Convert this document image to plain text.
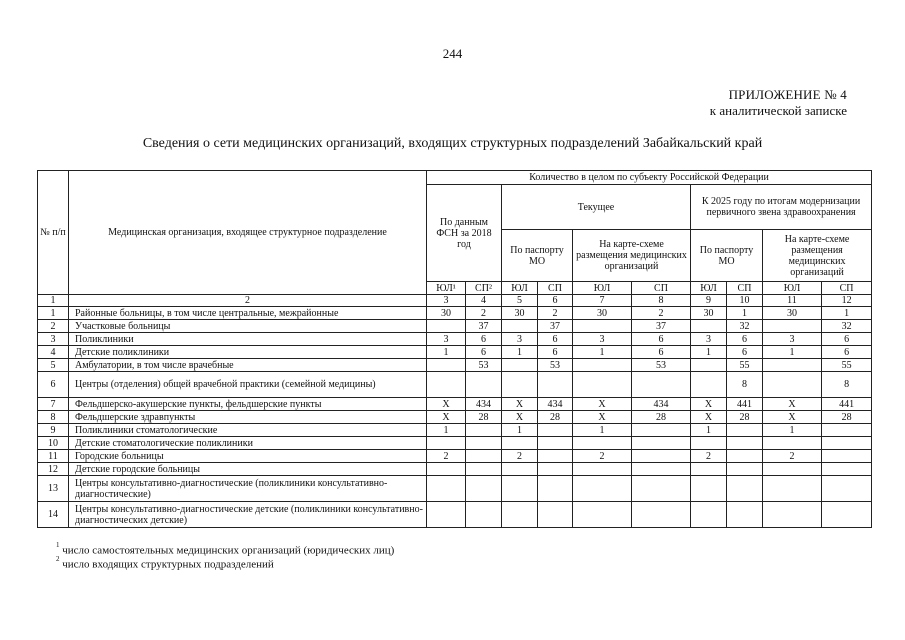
244
ПРИЛОЖЕНИЕ № 4
к аналитической записке
Сведения о сети медицинских организаций, входящих структурных подразделений Забайкальский край
№ п/п	Медицинская организация, входящее структурное подразделение	Количество в целом по субъекту Российской Федерации									
		По данным ФСН за 2018 год		Текущее				К 2025 году по итогам модернизации первичного звена здравоохранения			
				По паспорту МО		На карте-схеме размещения медицинских организаций		По паспорту МО		На карте-схеме размещения медицинских организаций	
		ЮЛ¹	СП²	ЮЛ	СП	ЮЛ	СП	ЮЛ	СП	ЮЛ	СП
1	2	3	4	5	6	7	8	9	10	11	12
1	Районные больницы, в том числе центральные, межрайонные	30	2	30	2	30	2	30	1	30	1
2	Участковые больницы		37		37		37		32		32
3	Поликлиники	3	6	3	6	3	6	3	6	3	6
4	Детские поликлиники	1	6	1	6	1	6	1	6	1	6
5	Амбулатории, в том числе врачебные		53		53		53		55		55
6	Центры (отделения) общей врачебной практики (семейной медицины)								8		8
7	Фельдшерско-акушерские пункты, фельдшерские пункты	X	434	X	434	X	434	X	441	X	441
8	Фельдшерские здравпункты	X	28	X	28	X	28	X	28	X	28
9	Поликлиники стоматологические	1		1		1		1		1	
10	Детские стоматологические поликлиники										
11	Городские больницы	2		2		2		2		2	
12	Детские городские больницы										
13	Центры консультативно-диагностические (поликлиники консультативно-диагностические)										
14	Центры консультативно-диагностические детские (поликлиники консультативно-диагностических детские)										
$^1$ число самостоятельных медицинских организаций (юридических лиц)
$^2$ число входящих структурных подразделений
